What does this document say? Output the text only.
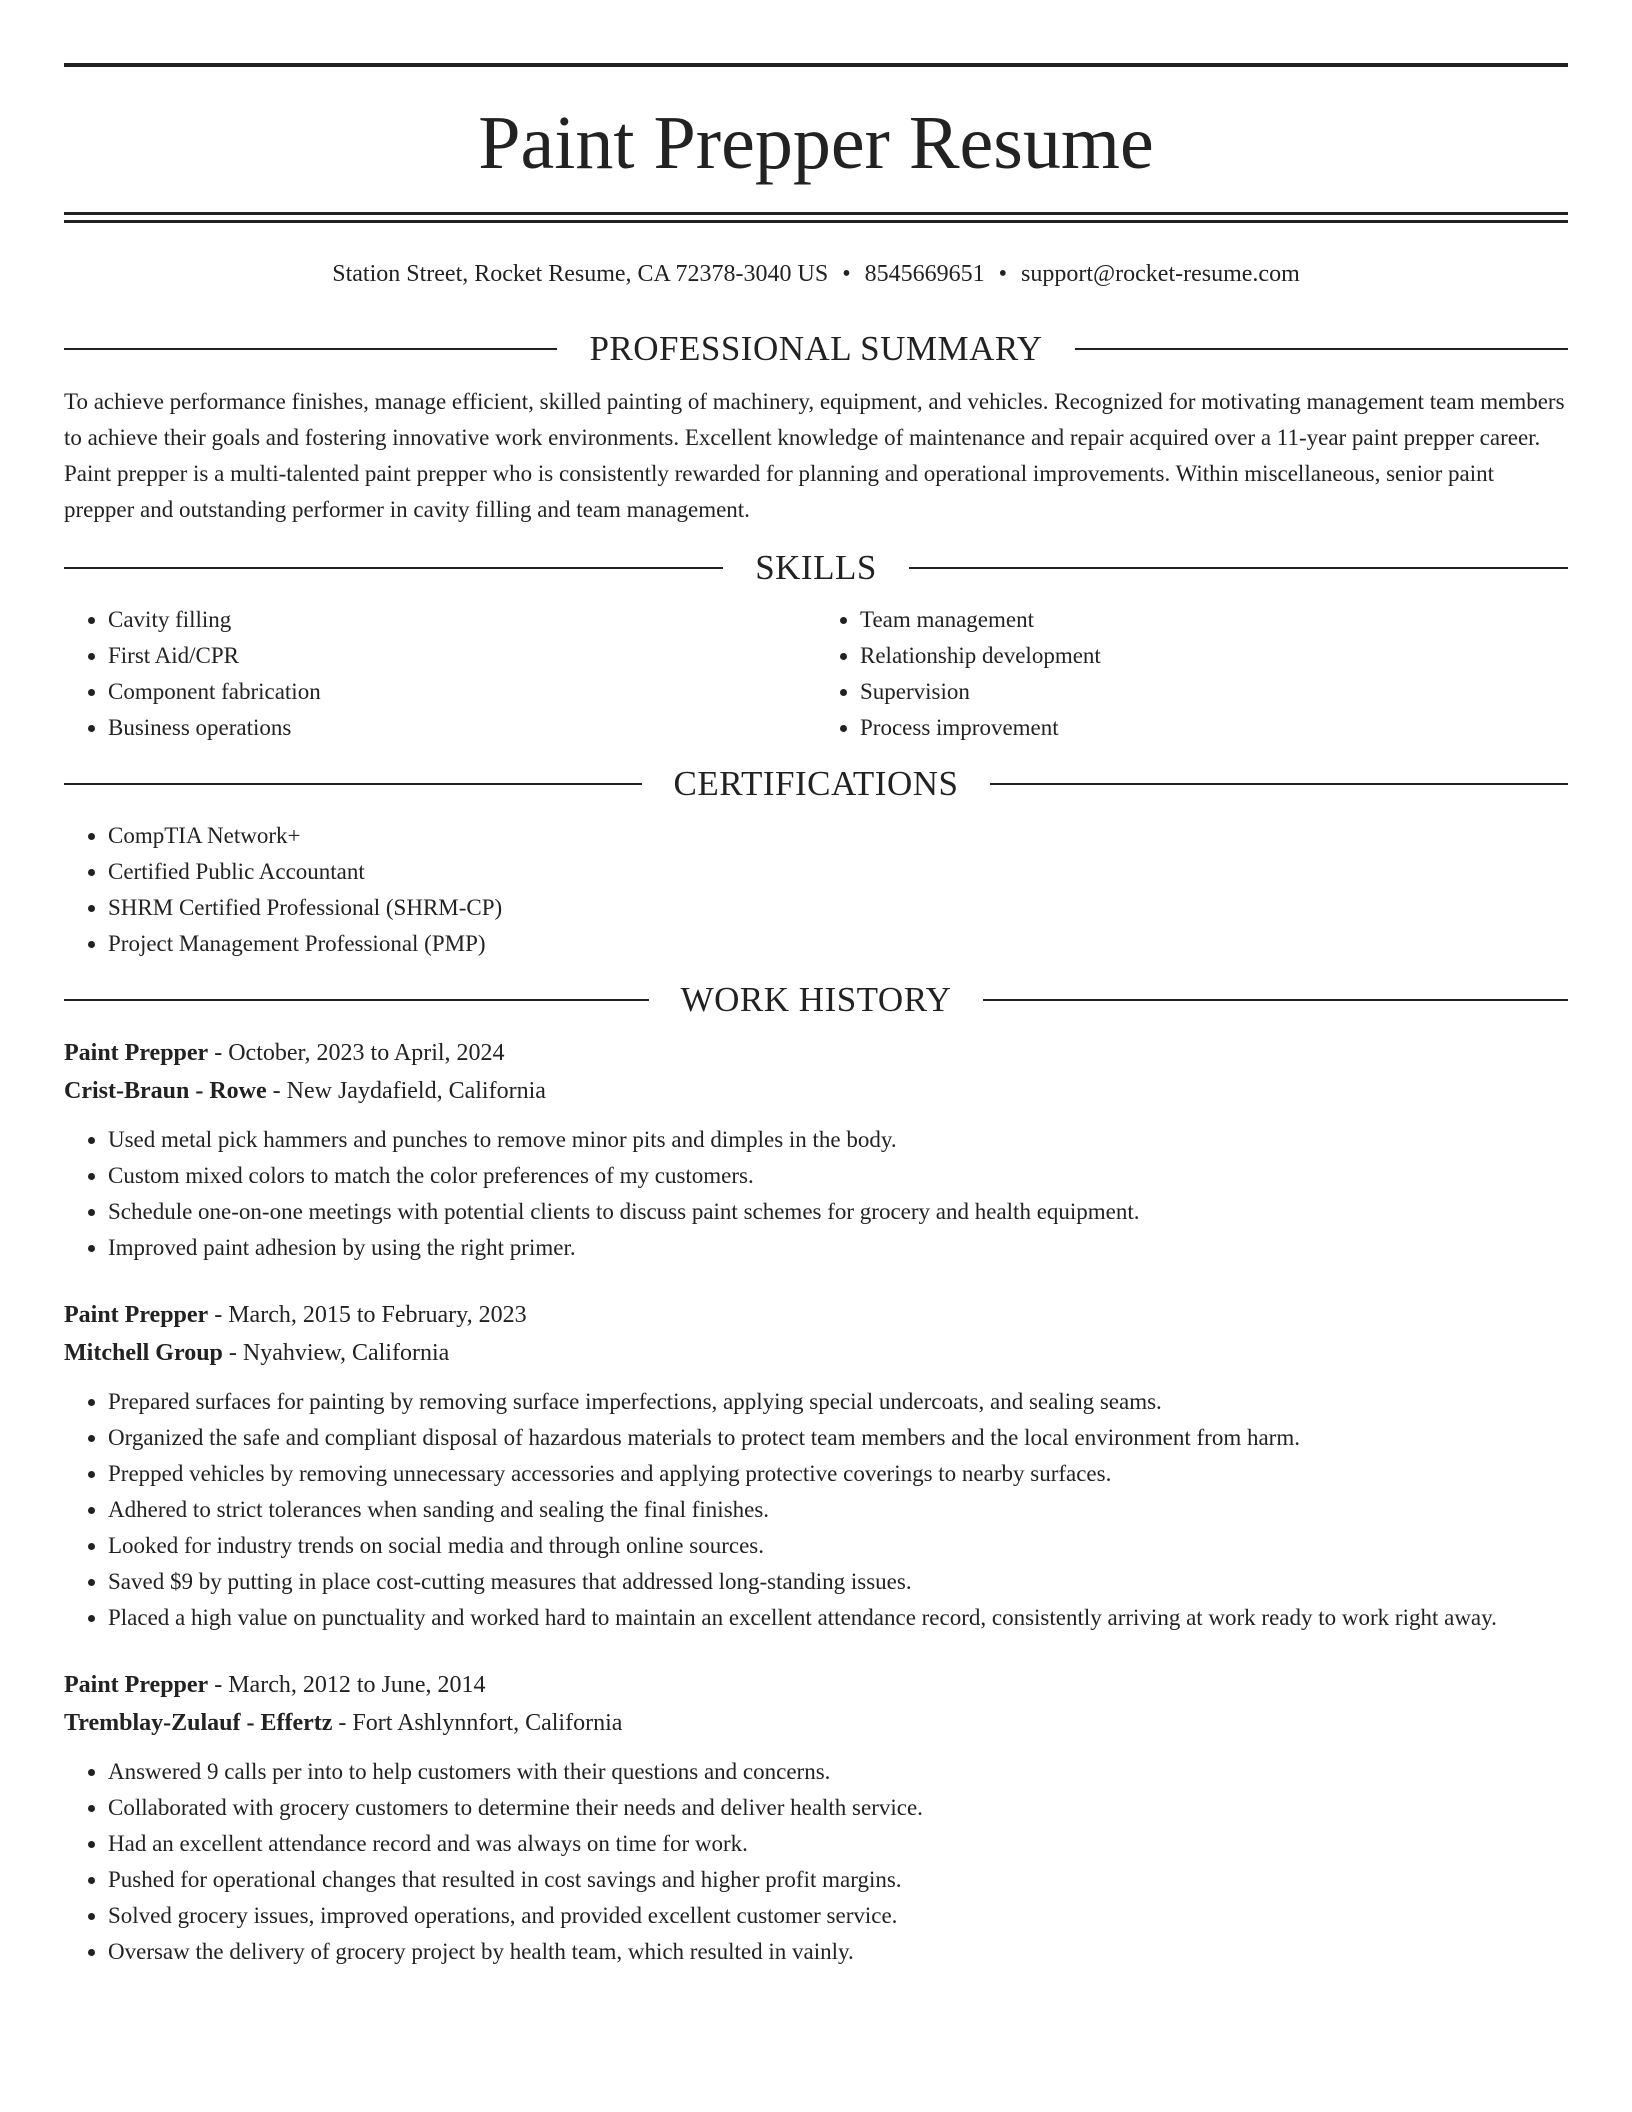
Paint Prepper Resume
Station Street, Rocket Resume, CA 72378-3040 US • 8545669651 • support@rocket-resume.com
PROFESSIONAL SUMMARY

To achieve performance finishes, manage efficient, skilled painting of machinery, equipment, and vehicles. Recognized for motivating management team members to achieve their goals and fostering innovative work environments. Excellent knowledge of maintenance and repair acquired over a 11-year paint prepper career. Paint prepper is a multi-talented paint prepper who is consistently rewarded for planning and operational improvements. Within miscellaneous, senior paint prepper and outstanding performer in cavity filling and team management.

SKILLS
• Cavity filling
• First Aid/CPR
• Component fabrication
• Business operations
• Team management
• Relationship development
• Supervision
• Process improvement
CERTIFICATIONS
• CompTIA Network+
• Certified Public Accountant
• SHRM Certified Professional (SHRM-CP)
• Project Management Professional (PMP)
WORK HISTORY
Paint Prepper - October, 2023 to April, 2024
Crist-Braun - Rowe - New Jaydafield, California
• Used metal pick hammers and punches to remove minor pits and dimples in the body.
• Custom mixed colors to match the color preferences of my customers.
• Schedule one-on-one meetings with potential clients to discuss paint schemes for grocery and health equipment.
• Improved paint adhesion by using the right primer.
Paint Prepper - March, 2015 to February, 2023
Mitchell Group - Nyahview, California
• Prepared surfaces for painting by removing surface imperfections, applying special undercoats, and sealing seams.
• Organized the safe and compliant disposal of hazardous materials to protect team members and the local environment from harm.
• Prepped vehicles by removing unnecessary accessories and applying protective coverings to nearby surfaces.
• Adhered to strict tolerances when sanding and sealing the final finishes.
• Looked for industry trends on social media and through online sources.
• Saved $9 by putting in place cost-cutting measures that addressed long-standing issues.
• Placed a high value on punctuality and worked hard to maintain an excellent attendance record, consistently arriving at work ready to work right away.
Paint Prepper - March, 2012 to June, 2014
Tremblay-Zulauf - Effertz - Fort Ashlynnfort, California
• Answered 9 calls per into to help customers with their questions and concerns.
• Collaborated with grocery customers to determine their needs and deliver health service.
• Had an excellent attendance record and was always on time for work.
• Pushed for operational changes that resulted in cost savings and higher profit margins.
• Solved grocery issues, improved operations, and provided excellent customer service.
• Oversaw the delivery of grocery project by health team, which resulted in vainly.
